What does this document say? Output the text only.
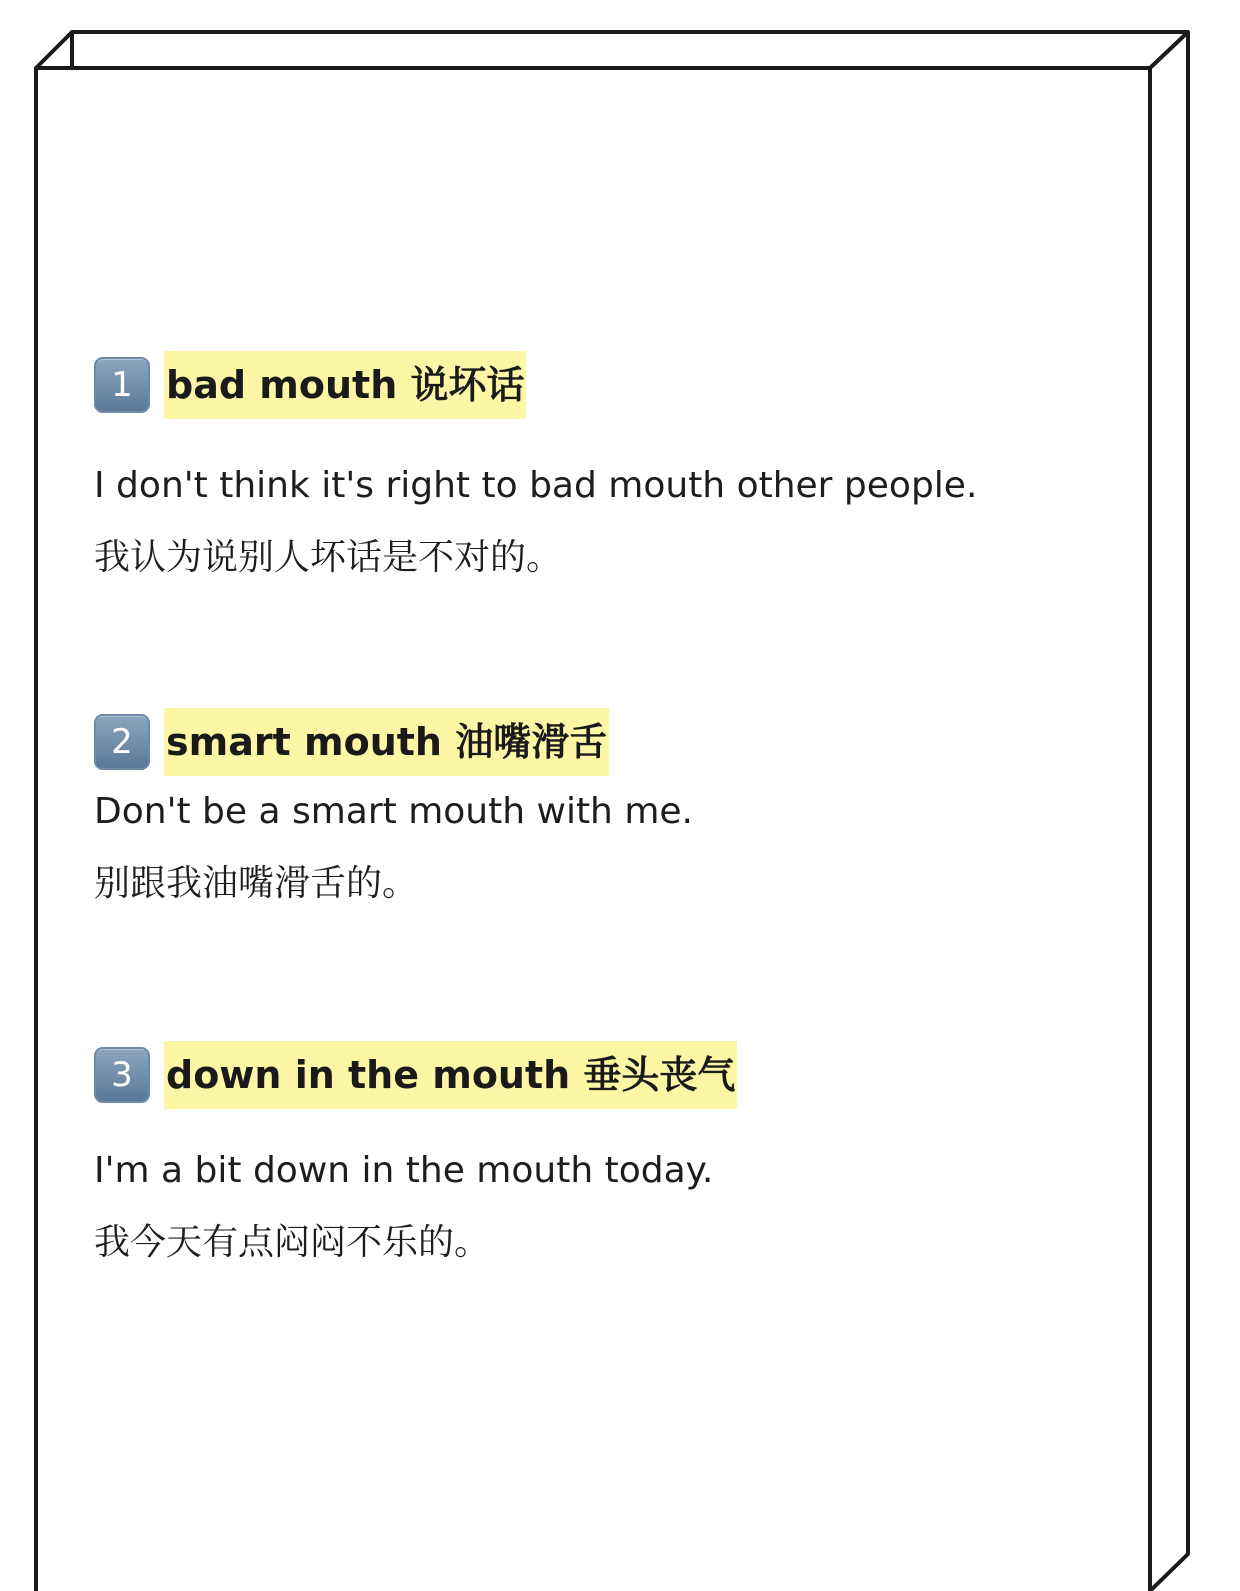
1 bad mouth 说坏话
I don't think it's right to bad mouth other people.
我认为说别人坏话是不对的。
2 smart mouth 油嘴滑舌
Don't be a smart mouth with me.
别跟我油嘴滑舌的。
3 down in the mouth 垂头丧气
I'm a bit down in the mouth today.
我今天有点闷闷不乐的。
